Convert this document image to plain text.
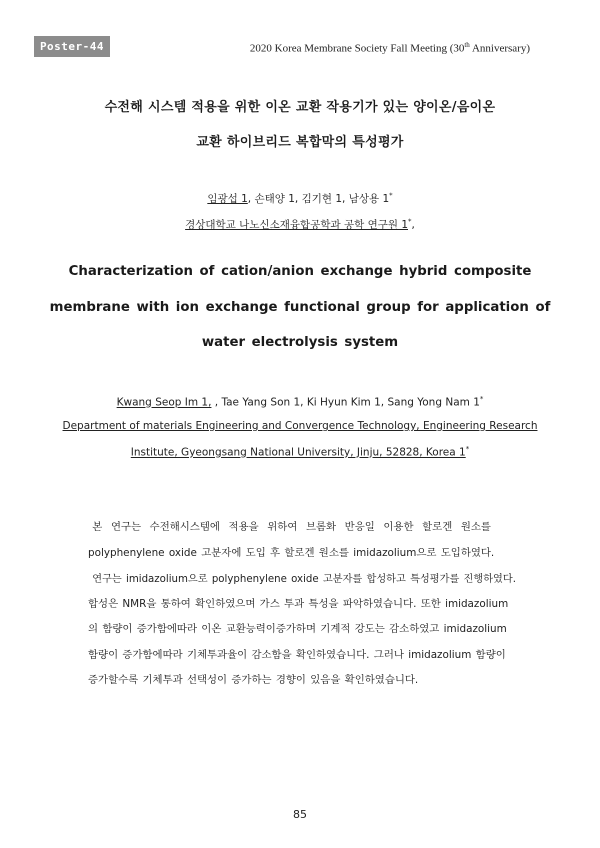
Poster-44	2020 Korea Membrane Society Fall Meeting (30th Anniversary)
수전해 시스템 적용을 위한 이온 교환 작용기가 있는 양이온/음이온
교환 하이브리드 복합막의 특성평가
임광섭 1, 손태양 1, 김기현 1, 남상용 1*
경상대학교 나노신소재융합공학과 공학 연구원 1*,
Characterization of cation/anion exchange hybrid composite
membrane with ion exchange functional group for application of
water electrolysis system
Kwang Seop Im 1, , Tae Yang Son 1, Ki Hyun Kim 1, Sang Yong Nam 1*
Department of materials Engineering and Convergence Technology, Engineering Research
Institute, Gyeongsang National University, Jinju, 52828, Korea 1*
본  연구는  수전해시스템에  적용을  위하여  브롬화  반응일  이용한  할로겐  원소를
polyphenylene oxide 고분자에 도입 후 할로겐 원소를 imidazolium으로 도입하였다.
연구는 imidazolium으로 polyphenylene oxide 고분자를 합성하고 특성평가를 진행하였다.
합성은 NMR을 통하여 확인하였으며 가스 투과 특성을 파악하였습니다. 또한 imidazolium
의 함량이 증가함에따라 이온 교환능력이증가하며 기계적 강도는 감소하였고 imidazolium
함량이 증가함에따라 기체투과율이 감소함을 확인하였습니다. 그러나 imidazolium 함량이
증가할수록 기체투과 선택성이 증가하는 경향이 있음을 확인하였습니다.
85
